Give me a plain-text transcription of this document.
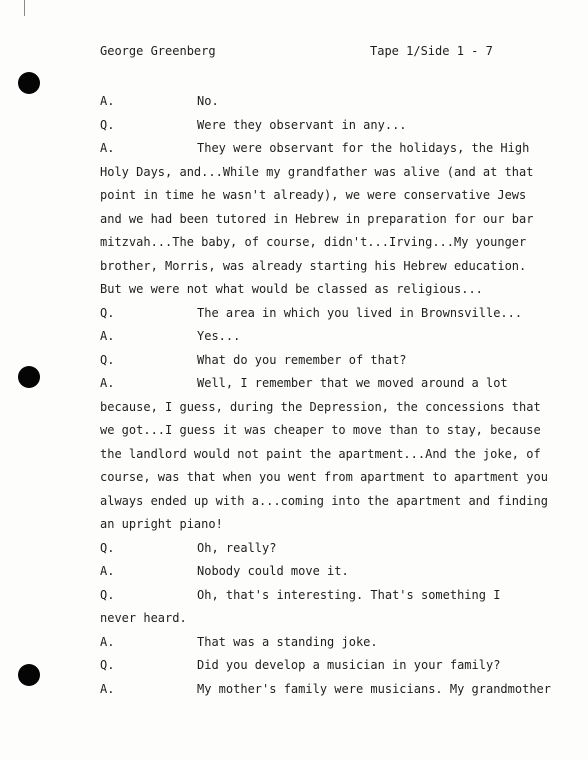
George Greenberg	Tape 1/Side 1 - 7
A.	No.
Q.	Were they observant in any...
A.	They were observant for the holidays, the High
Holy Days, and...While my grandfather was alive (and at that
point in time he wasn't already), we were conservative Jews
and we had been tutored in Hebrew in preparation for our bar
mitzvah...The baby, of course, didn't...Irving...My younger
brother, Morris, was already starting his Hebrew education.
But we were not what would be classed as religious...
Q.	The area in which you lived in Brownsville...
A.	Yes...
Q.	What do you remember of that?
A.	Well, I remember that we moved around a lot
because, I guess, during the Depression, the concessions that
we got...I guess it was cheaper to move than to stay, because
the landlord would not paint the apartment...And the joke, of
course, was that when you went from apartment to apartment you
always ended up with a...coming into the apartment and finding
an upright piano!
Q.	Oh, really?
A.	Nobody could move it.
Q.	Oh, that's interesting. That's something I
never heard.
A.	That was a standing joke.
Q.	Did you develop a musician in your family?
A.	My mother's family were musicians. My grandmother
